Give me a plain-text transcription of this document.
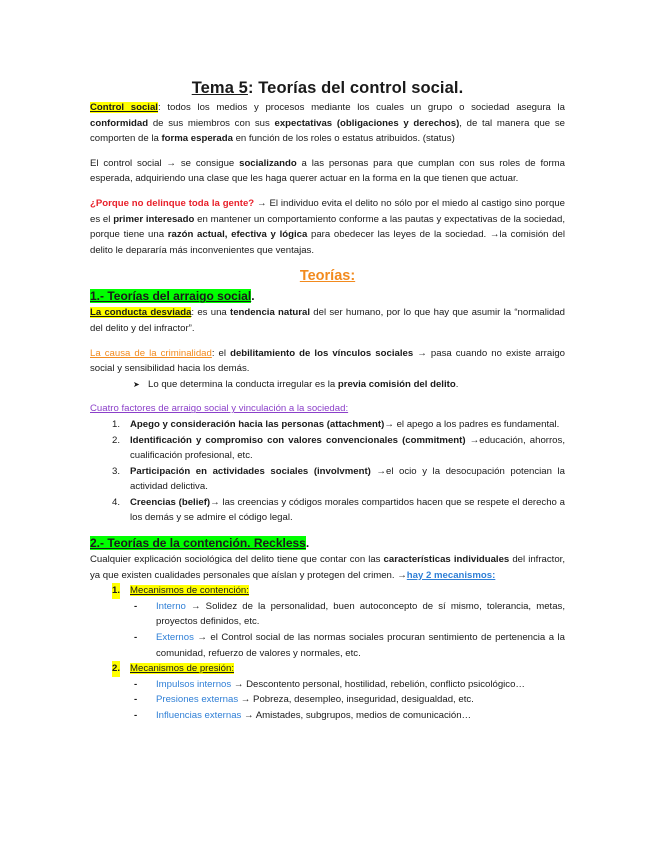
Tema 5: Teorías del control social.

Control social: todos los medios y procesos mediante los cuales un grupo o sociedad asegura la conformidad de sus miembros con sus expectativas (obligaciones y derechos), de tal manera que se comporten de la forma esperada en función de los roles o estatus atribuidos. (status)

El control social → se consigue socializando a las personas para que cumplan con sus roles de forma esperada, adquiriendo una clase que les haga querer actuar en la forma en la que tienen que actuar.

¿Porque no delinque toda la gente? → El individuo evita el delito no sólo por el miedo al castigo sino porque es el primer interesado en mantener un comportamiento conforme a las pautas y expectativas de la sociedad, porque tiene una razón actual, efectiva y lógica para obedecer las leyes de la sociedad. →la comisión del delito le depararía más inconvenientes que ventajas.

Teorías:
1.- Teorías del arraigo social.

La conducta desviada: es una tendencia natural del ser humano, por lo que hay que asumir la “normalidad del delito y del infractor”.

La causa de la criminalidad: el debilitamiento de los vínculos sociales → pasa cuando no existe arraigo social y sensibilidad hacia los demás.

➤ Lo que determina la conducta irregular es la previa comisión del delito.

Cuatro factores de arraigo social y vinculación a la sociedad:

1. Apego y consideración hacia las personas (attachment)→ el apego a los padres es fundamental.
2. Identificación y compromiso con valores convencionales (commitment) →educación, ahorros, cualificación profesional, etc.
3. Participación en actividades sociales (involvment) →el ocio y la desocupación potencian la actividad delictiva.
4. Creencias (belief)→ las creencias y códigos morales compartidos hacen que se respete el derecho a los demás y se admire el código legal.
2.- Teorías de la contención. Reckless.

Cualquier explicación sociológica del delito tiene que contar con las características individuales del infractor, ya que existen cualidades personales que aíslan y protegen del crimen. →hay 2 mecanismos:

1. Mecanismos de contención:
- Interno → Solidez de la personalidad, buen autoconcepto de sí mismo, tolerancia, metas, proyectos definidos, etc.
- Externos → el Control social de las normas sociales procuran sentimiento de pertenencia a la comunidad, refuerzo de valores y normales, etc.
2. Mecanismos de presión:
- Impulsos internos → Descontento personal, hostilidad, rebelión, conflicto psicológico…
- Presiones externas → Pobreza, desempleo, inseguridad, desigualdad, etc.
- Influencias externas → Amistades, subgrupos, medios de comunicación…
